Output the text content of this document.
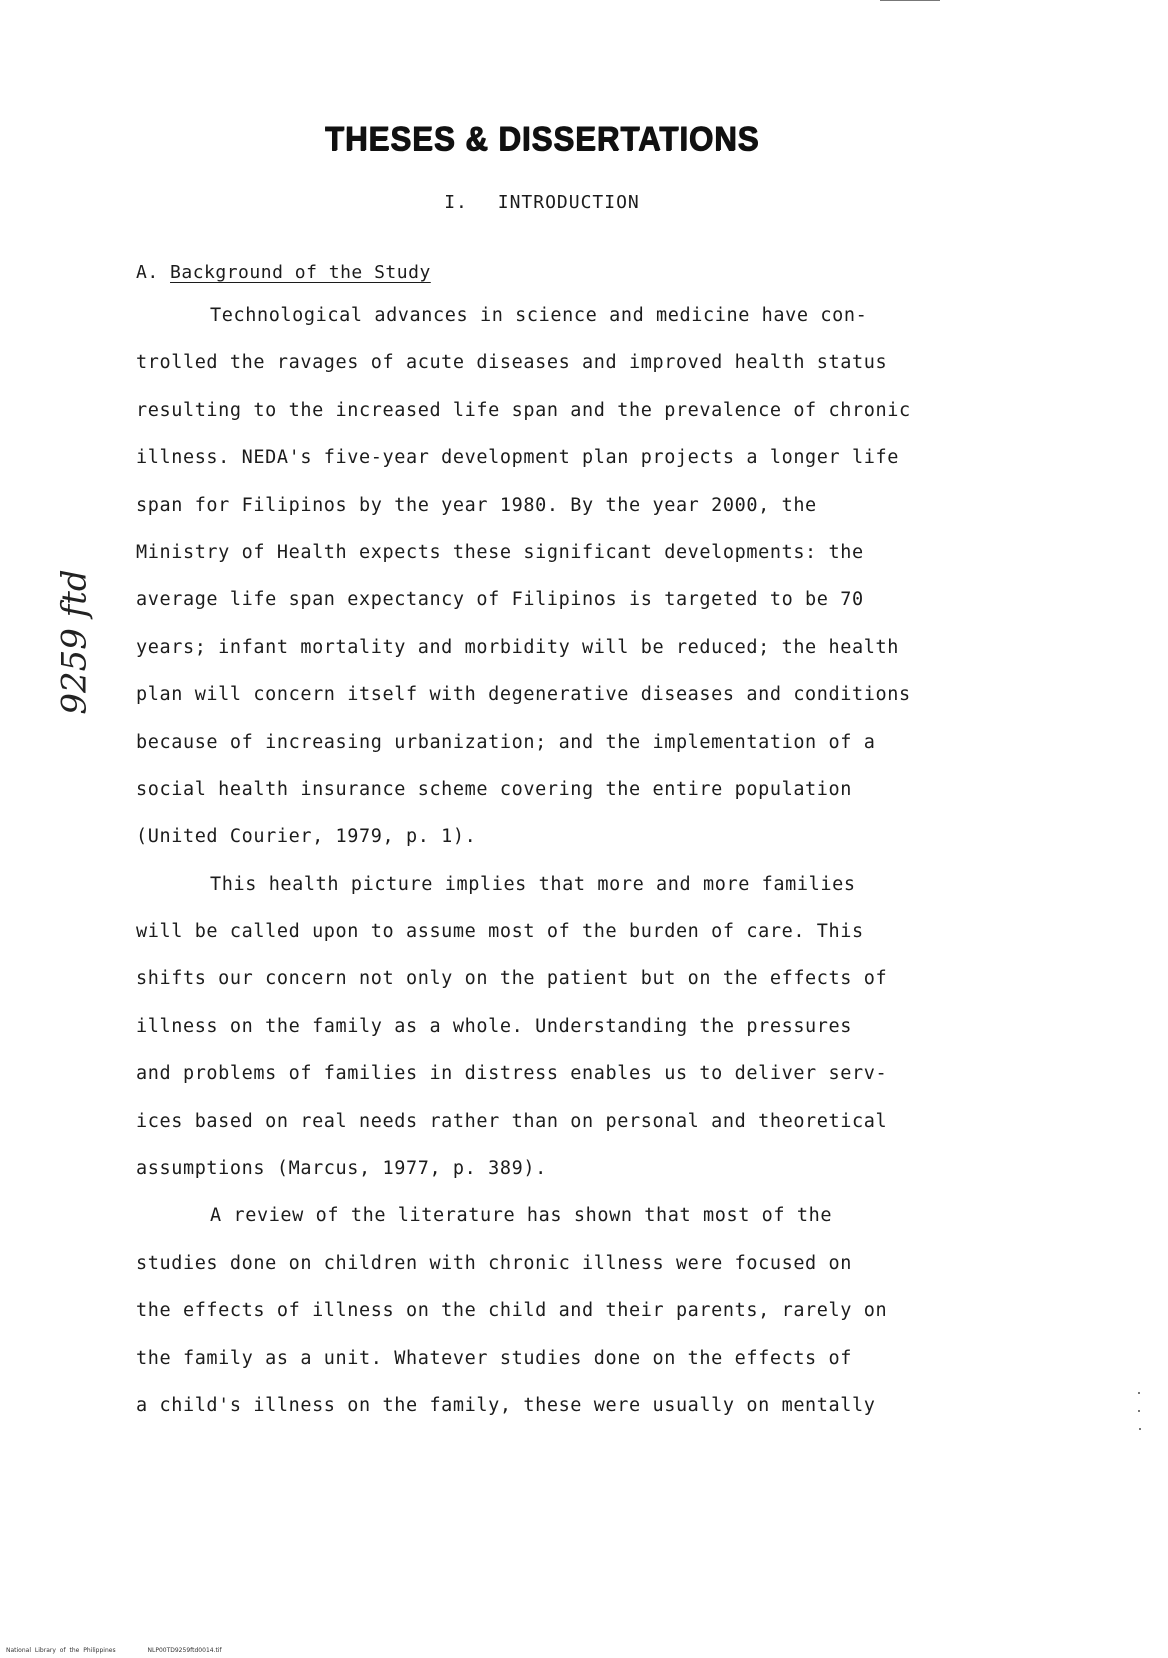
THESES & DISSERTATIONS
I. INTRODUCTION
A. Background of the Study
9259 ftd
Technological advances in science and medicine have con-
trolled the ravages of acute diseases and improved health status
resulting to the increased life span and the prevalence of chronic
illness. NEDA's five-year development plan projects a longer life
span for Filipinos by the year 1980. By the year 2000, the
Ministry of Health expects these significant developments: the
average life span expectancy of Filipinos is targeted to be 70
years; infant mortality and morbidity will be reduced; the health
plan will concern itself with degenerative diseases and conditions
because of increasing urbanization; and the implementation of a
social health insurance scheme covering the entire population
(United Courier, 1979, p. 1).
This health picture implies that more and more families
will be called upon to assume most of the burden of care. This
shifts our concern not only on the patient but on the effects of
illness on the family as a whole. Understanding the pressures
and problems of families in distress enables us to deliver serv-
ices based on real needs rather than on personal and theoretical
assumptions (Marcus, 1977, p. 389).
A review of the literature has shown that most of the
studies done on children with chronic illness were focused on
the effects of illness on the child and their parents, rarely on
the family as a unit. Whatever studies done on the effects of
a child's illness on the family, these were usually on mentally
National Library of the Philippines	NLP00TD9259ftd0014.tif
